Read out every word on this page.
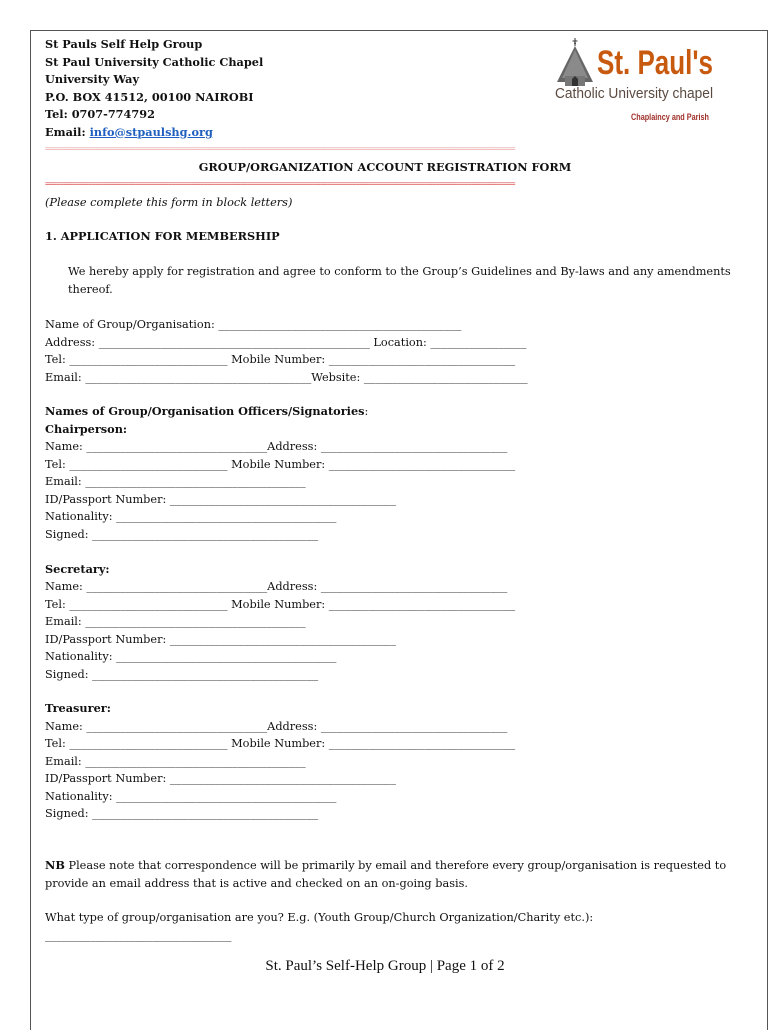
St Pauls Self Help Group
St Paul University Catholic Chapel
University Way
P.O. BOX 41512, 00100 NAIROBI
Tel: 0707-774792
Email: info@stpaulshg.org
St. Paul's
Catholic University chapel
Chaplaincy and Parish
==================================================================================================================================
GROUP/ORGANIZATION ACCOUNT REGISTRATION FORM
==================================================================================================================================
(Please complete this form in block letters)
1. APPLICATION FOR MEMBERSHIP
We hereby apply for registration and agree to conform to the Group’s Guidelines and By-laws and any amendments
thereof.
Name of Group/Organisation: ___________________________________________
Address: ________________________________________________ Location: _________________
Tel: ____________________________ Mobile Number: _________________________________
Email: ________________________________________Website: _____________________________
Names of Group/Organisation Officers/Signatories:
Chairperson:
Name: ________________________________Address: _________________________________
Tel: ____________________________ Mobile Number: _________________________________
Email: _______________________________________
ID/Passport Number: ________________________________________
Nationality: _______________________________________
Signed: ________________________________________
Secretary:
Name: ________________________________Address: _________________________________
Tel: ____________________________ Mobile Number: _________________________________
Email: _______________________________________
ID/Passport Number: ________________________________________
Nationality: _______________________________________
Signed: ________________________________________
Treasurer:
Name: ________________________________Address: _________________________________
Tel: ____________________________ Mobile Number: _________________________________
Email: _______________________________________
ID/Passport Number: ________________________________________
Nationality: _______________________________________
Signed: ________________________________________
NB Please note that correspondence will be primarily by email and therefore every group/organisation is requested to
provide an email address that is active and checked on an on-going basis.
What type of group/organisation are you? E.g. (Youth Group/Church Organization/Charity etc.):
_________________________________
St. Paul’s Self-Help Group | Page 1 of 2
